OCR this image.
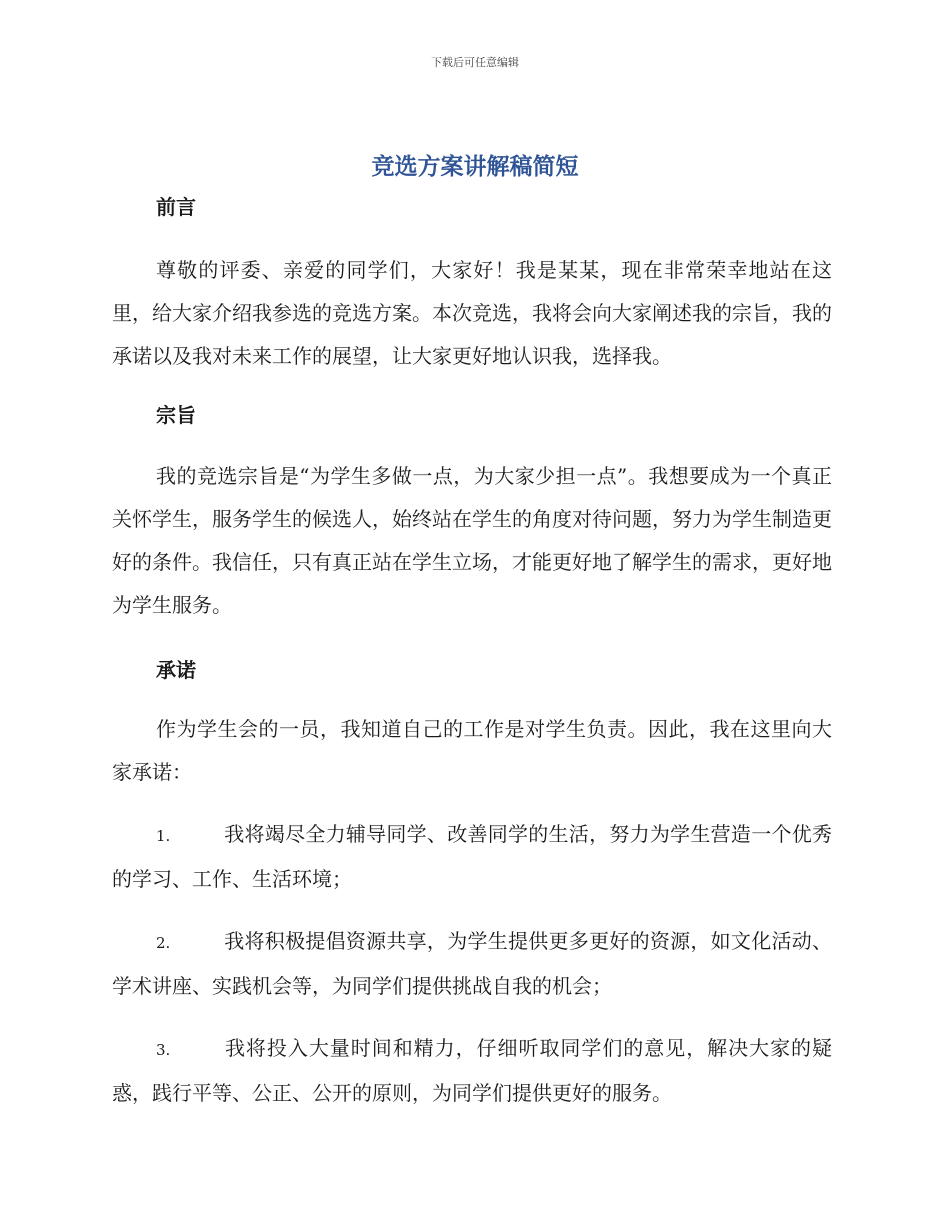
下载后可任意编辑
竞选方案讲解稿简短

前言

尊敬的评委、亲爱的同学们，大家好！我是某某，现在非常荣幸地站在这里，给大家介绍我参选的竞选方案。本次竞选，我将会向大家阐述我的宗旨，我的承诺以及我对未来工作的展望，让大家更好地认识我，选择我。

宗旨

我的竞选宗旨是“为学生多做一点，为大家少担一点”。我想要成为一个真正关怀学生，服务学生的候选人，始终站在学生的角度对待问题，努力为学生制造更好的条件。我信任，只有真正站在学生立场，才能更好地了解学生的需求，更好地为学生服务。

承诺

作为学生会的一员，我知道自己的工作是对学生负责。因此，我在这里向大家承诺：

1.	我将竭尽全力辅导同学、改善同学的生活，努力为学生营造一个优秀的学习、工作、生活环境；

2.	我将积极提倡资源共享，为学生提供更多更好的资源，如文化活动、学术讲座、实践机会等，为同学们提供挑战自我的机会；

3.	我将投入大量时间和精力，仔细听取同学们的意见，解决大家的疑惑，践行平等、公正、公开的原则，为同学们提供更好的服务。
